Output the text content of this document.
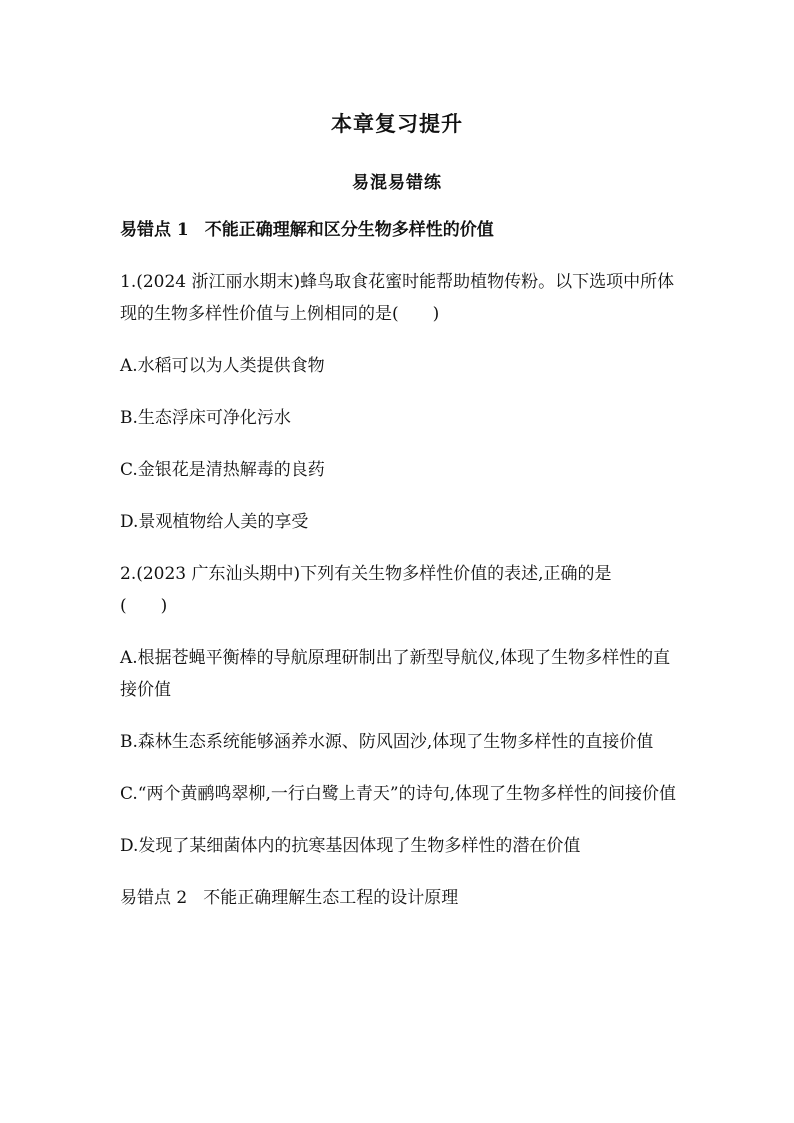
本章复习提升
易混易错练

易错点 1 不能正确理解和区分生物多样性的价值

1.(2024 浙江丽水期末)蜂鸟取食花蜜时能帮助植物传粉。以下选项中所体现的生物多样性价值与上例相同的是(　　)

A.水稻可以为人类提供食物

B.生态浮床可净化污水

C.金银花是清热解毒的良药

D.景观植物给人美的享受

2.(2023 广东汕头期中)下列有关生物多样性价值的表述,正确的是
(　　)

A.根据苍蝇平衡棒的导航原理研制出了新型导航仪,体现了生物多样性的直接价值

B.森林生态系统能够涵养水源、防风固沙,体现了生物多样性的直接价值

C.“两个黄鹂鸣翠柳,一行白鹭上青天”的诗句,体现了生物多样性的间接价值

D.发现了某细菌体内的抗寒基因体现了生物多样性的潜在价值

易错点 2 不能正确理解生态工程的设计原理
